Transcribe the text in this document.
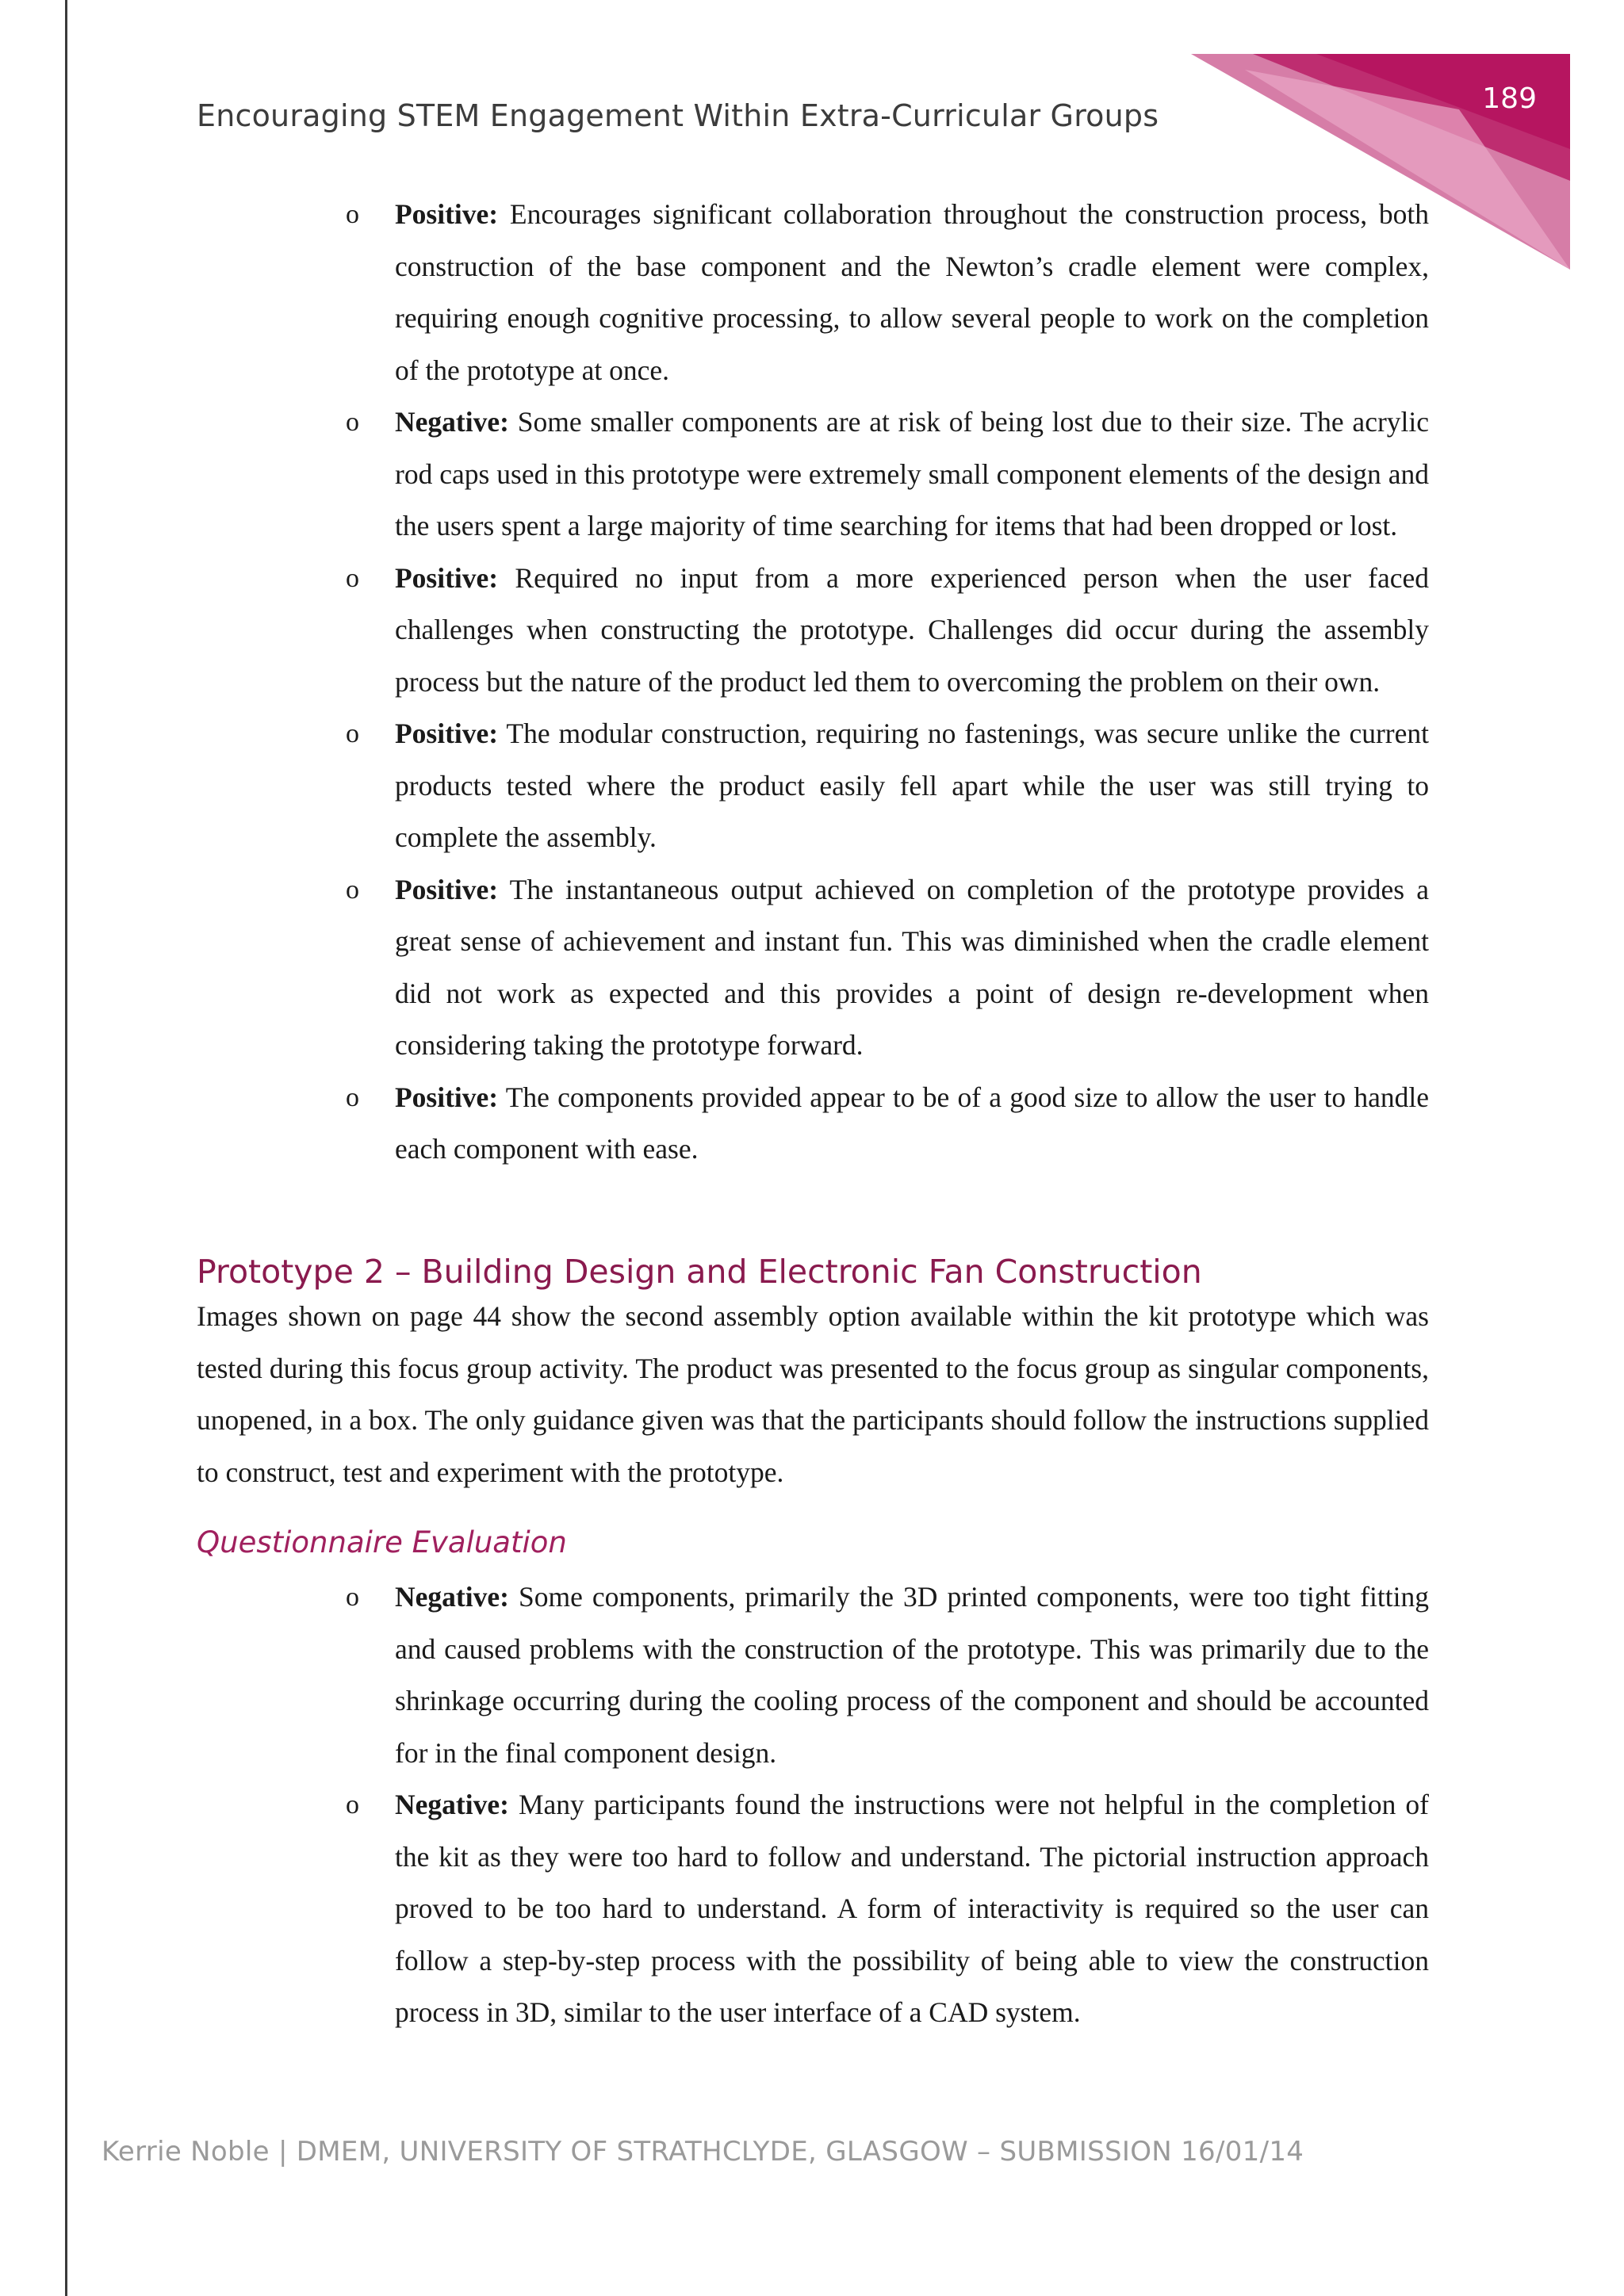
Encouraging STEM Engagement Within Extra-Curricular Groups	189
o Positive: Encourages significant collaboration throughout the construction process, both construction of the base component and the Newton’s cradle element were complex, requiring enough cognitive processing, to allow several people to work on the completion of the prototype at once.
o Negative: Some smaller components are at risk of being lost due to their size. The acrylic rod caps used in this prototype were extremely small component elements of the design and the users spent a large majority of time searching for items that had been dropped or lost.
o Positive: Required no input from a more experienced person when the user faced challenges when constructing the prototype. Challenges did occur during the assembly process but the nature of the product led them to overcoming the problem on their own.
o Positive: The modular construction, requiring no fastenings, was secure unlike the current products tested where the product easily fell apart while the user was still trying to complete the assembly.
o Positive: The instantaneous output achieved on completion of the prototype provides a great sense of achievement and instant fun. This was diminished when the cradle element did not work as expected and this provides a point of design re-development when considering taking the prototype forward.
o Positive: The components provided appear to be of a good size to allow the user to handle each component with ease.
Prototype 2 – Building Design and Electronic Fan Construction
Images shown on page 44 show the second assembly option available within the kit prototype which was tested during this focus group activity. The product was presented to the focus group as singular components, unopened, in a box. The only guidance given was that the participants should follow the instructions supplied to construct, test and experiment with the prototype.
Questionnaire Evaluation
o Negative: Some components, primarily the 3D printed components, were too tight fitting and caused problems with the construction of the prototype. This was primarily due to the shrinkage occurring during the cooling process of the component and should be accounted for in the final component design.
o Negative: Many participants found the instructions were not helpful in the completion of the kit as they were too hard to follow and understand. The pictorial instruction approach proved to be too hard to understand. A form of interactivity is required so the user can follow a step-by-step process with the possibility of being able to view the construction process in 3D, similar to the user interface of a CAD system.
Kerrie Noble | DMEM, UNIVERSITY OF STRATHCLYDE, GLASGOW – SUBMISSION 16/01/14
